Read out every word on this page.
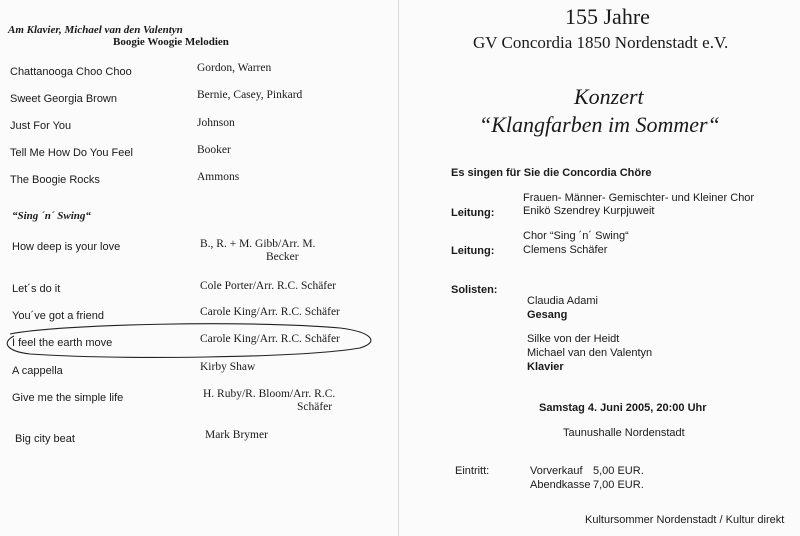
Am Klavier, Michael van den Valentyn
Boogie Woogie Melodien
Chattanooga Choo Choo	Gordon, Warren
Sweet Georgia Brown	Bernie, Casey, Pinkard
Just For You	Johnson
Tell Me How Do You Feel	Booker
The Boogie Rocks	Ammons
“Sing ´n´ Swing“
How deep is your love	B., R. + M. Gibb/Arr. M.
Becker
Let´s do it	Cole Porter/Arr. R.C. Schäfer
You´ve got a friend	Carole King/Arr. R.C. Schäfer
I feel the earth move	Carole King/Arr. R.C. Schäfer
A cappella	Kirby Shaw
Give me the simple life	H. Ruby/R. Bloom/Arr. R.C.
Schäfer
Big city beat	Mark Brymer
155 Jahre
GV Concordia 1850 Nordenstadt e.V.
Konzert
“Klangfarben im Sommer“
Es singen für Sie die Concordia Chöre
Frauen- Männer- Gemischter- und Kleiner Chor
Leitung:	Enikö Szendrey Kurpjuweit
Chor “Sing ´n´ Swing“
Leitung:	Clemens Schäfer
Solisten:
Claudia Adami
Gesang
Silke von der Heidt
Michael van den Valentyn
Klavier
Samstag 4. Juni 2005, 20:00 Uhr
Taunushalle Nordenstadt
Eintritt:	Vorverkauf 5,00 EUR.
Abendkasse 7,00 EUR.
Kultursommer Nordenstadt / Kultur direkt
